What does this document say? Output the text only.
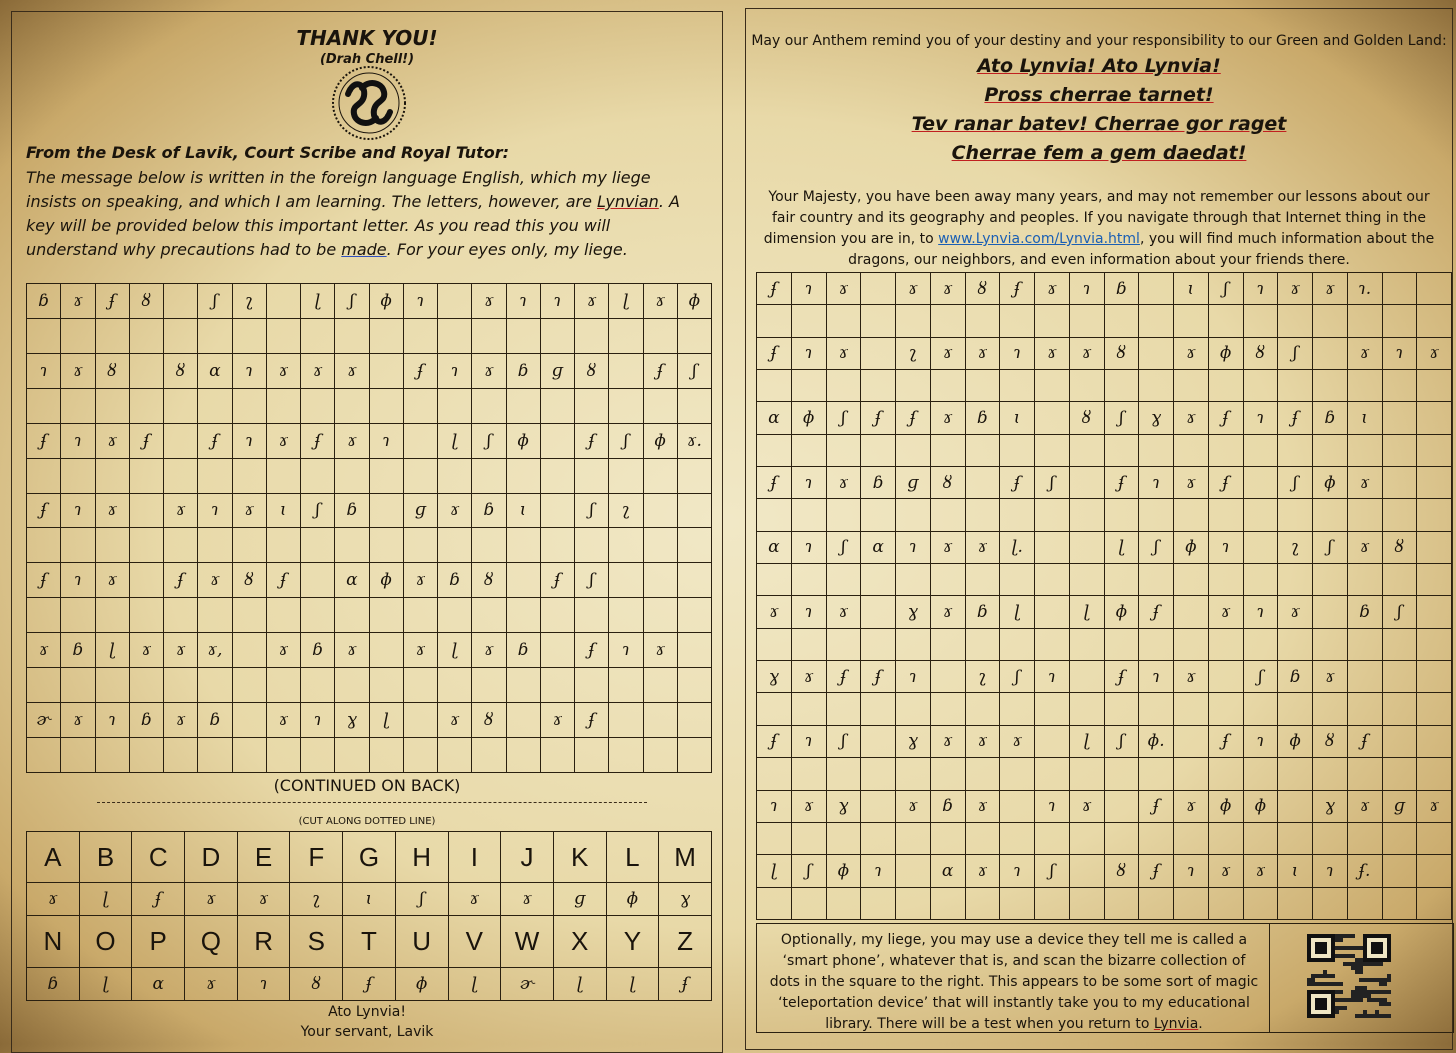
THANK YOU!
(Drah Chell!)
From the Desk of Lavik, Court Scribe and Royal Tutor:
The message below is written in the foreign language English, which my liege
insists on speaking, and which I am learning. The letters, however, are Lynvian. A
key will be provided below this important letter. As you read this you will
understand why precautions had to be made. For your eyes only, my liege.
ɓ	ɤ	ʄ	ȣ		ʃ	ʅ		ɭ	ʃ	ɸ	ɿ		ɤ	ɿ	ɿ	ɤ	ɭ	ɤ	ɸ

ɿ	ɤ	ȣ		ȣ	ɑ	ɿ	ɤ	ɤ	ɤ		ʄ	ɿ	ɤ	ɓ	ɡ	ȣ		ʄ	ʃ

ʄ	ɿ	ɤ	ʄ		ʄ	ɿ	ɤ	ʄ	ɤ	ɿ		ɭ	ʃ	ɸ		ʄ	ʃ	ɸ	ɤ.

ʄ	ɿ	ɤ		ɤ	ɿ	ɤ	ɩ	ʃ	ɓ		ɡ	ɤ	ɓ	ɩ		ʃ	ʅ		

ʄ	ɿ	ɤ		ʄ	ɤ	ȣ	ʄ		ɑ	ɸ	ɤ	ɓ	ȣ		ʄ	ʃ			

ɤ	ɓ	ɭ	ɤ	ɤ	ɤ,		ɤ	ɓ	ɤ		ɤ	ɭ	ɤ	ɓ		ʄ	ɿ	ɤ	

ɚ	ɤ	ɿ	ɓ	ɤ	ɓ		ɤ	ɿ	ɣ	ɭ		ɤ	ȣ		ɤ	ʄ			

(CONTINUED ON BACK)
(CUT ALONG DOTTED LINE)
A	B	C	D	E	F	G	H	I	J	K	L	M
ɤ	ɭ	ʄ	ɤ	ɤ	ʅ	ɩ	ʃ	ɤ	ɤ	ɡ	ɸ	ɣ
N	O	P	Q	R	S	T	U	V	W	X	Y	Z
ɓ	ɭ	ɑ	ɤ	ɿ	ȣ	ʄ	ɸ	ɭ	ɚ	ɭ	ɭ	ʄ
Ato Lynvia!
Your servant, Lavik
May our Anthem remind you of your destiny and your responsibility to our Green and Golden Land:
Ato Lynvia! Ato Lynvia!
Pross cherrae tarnet!
Tev ranar batev! Cherrae gor raget
Cherrae fem a gem daedat!
Your Majesty, you have been away many years, and may not remember our lessons about our
fair country and its geography and peoples. If you navigate through that Internet thing in the
dimension you are in, to www.Lynvia.com/Lynvia.html, you will find much information about the
dragons, our neighbors, and even information about your friends there.
ʄ	ɿ	ɤ		ɤ	ɤ	ȣ	ʄ	ɤ	ɿ	ɓ		ɩ	ʃ	ɿ	ɤ	ɤ	ɿ.		

ʄ	ɿ	ɤ		ʅ	ɤ	ɤ	ɿ	ɤ	ɤ	ȣ		ɤ	ɸ	ȣ	ʃ		ɤ	ɿ	ɤ

ɑ	ɸ	ʃ	ʄ	ʄ	ɤ	ɓ	ɩ		ȣ	ʃ	ɣ	ɤ	ʄ	ɿ	ʄ	ɓ	ɩ		

ʄ	ɿ	ɤ	ɓ	ɡ	ȣ		ʄ	ʃ		ʄ	ɿ	ɤ	ʄ		ʃ	ɸ	ɤ		

ɑ	ɿ	ʃ	ɑ	ɿ	ɤ	ɤ	ɭ.			ɭ	ʃ	ɸ	ɿ		ʅ	ʃ	ɤ	ȣ	

ɤ	ɿ	ɤ		ɣ	ɤ	ɓ	ɭ		ɭ	ɸ	ʄ		ɤ	ɿ	ɤ		ɓ	ʃ	

ɣ	ɤ	ʄ	ʄ	ɿ		ʅ	ʃ	ɿ		ʄ	ɿ	ɤ		ʃ	ɓ	ɤ			

ʄ	ɿ	ʃ		ɣ	ɤ	ɤ	ɤ		ɭ	ʃ	ɸ.		ʄ	ɿ	ɸ	ȣ	ʄ		

ɿ	ɤ	ɣ		ɤ	ɓ	ɤ		ɿ	ɤ		ʄ	ɤ	ɸ	ɸ		ɣ	ɤ	ɡ	ɤ

ɭ	ʃ	ɸ	ɿ		ɑ	ɤ	ɿ	ʃ		ȣ	ʄ	ɿ	ɤ	ɤ	ɩ	ɿ	ʄ.		

Optionally, my liege, you may use a device they tell me is called a
‘smart phone’, whatever that is, and scan the bizarre collection of
dots in the square to the right. This appears to be some sort of magic
‘teleportation device’ that will instantly take you to my educational
library. There will be a test when you return to Lynvia.
